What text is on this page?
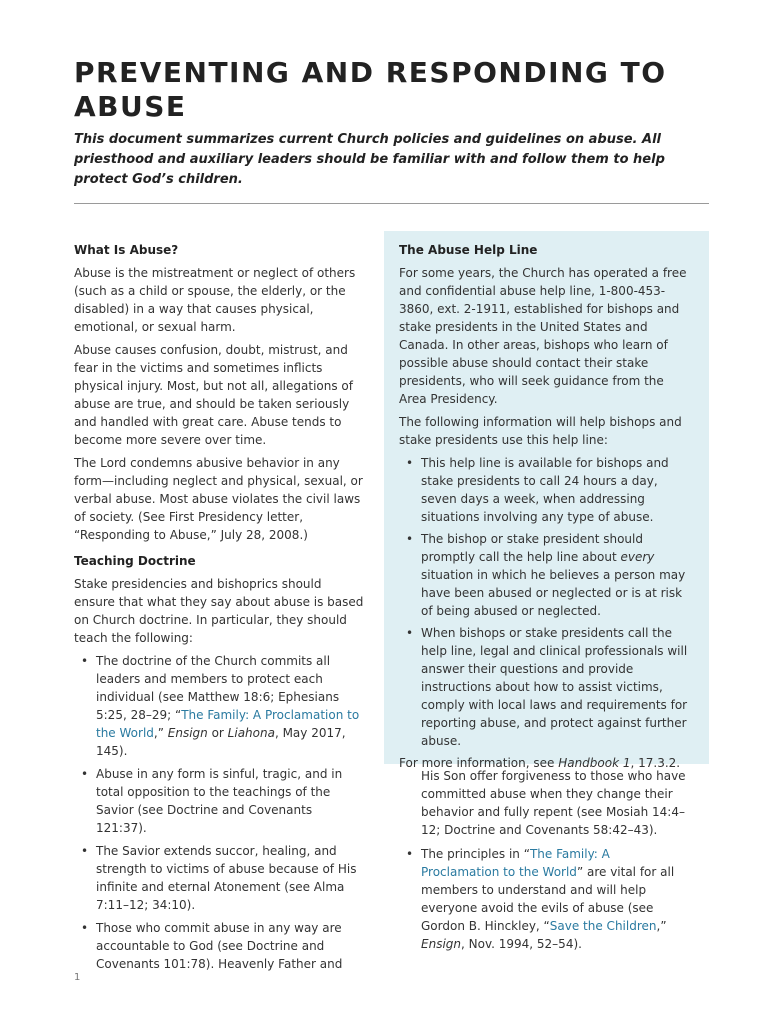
PREVENTING AND RESPONDING TO ABUSE

This document summarizes current Church policies and guidelines on abuse. All priesthood and auxiliary leaders should be familiar with and follow them to help protect God’s children.

What Is Abuse?

Abuse is the mistreatment or neglect of others (such as a child or spouse, the elderly, or the disabled) in a way that causes physical, emotional, or sexual harm.

Abuse causes confusion, doubt, mistrust, and fear in the victims and sometimes inflicts physical injury. Most, but not all, allegations of abuse are true, and should be taken seriously and handled with great care. Abuse tends to become more severe over time.

The Lord condemns abusive behavior in any form—including neglect and physical, sexual, or verbal abuse. Most abuse violates the civil laws of society. (See First Presidency letter, “Responding to Abuse,” July 28, 2008.)

Teaching Doctrine

Stake presidencies and bishoprics should ensure that what they say about abuse is based on Church doctrine. In particular, they should teach the following:

• The doctrine of the Church commits all leaders and members to protect each individual (see Matthew 18:6; Ephesians 5:25, 28–29; “The Family: A Proclamation to the World,” Ensign or Liahona, May 2017, 145).
• Abuse in any form is sinful, tragic, and in total opposition to the teachings of the Savior (see Doctrine and Covenants 121:37).
• The Savior extends succor, healing, and strength to victims of abuse because of His infinite and eternal Atonement (see Alma 7:11–12; 34:10).
• Those who commit abuse in any way are accountable to God (see Doctrine and Covenants 101:78). Heavenly Father and
The Abuse Help Line

For some years, the Church has operated a free and confidential abuse help line, 1-800-453-3860, ext. 2-1911, established for bishops and stake presidents in the United States and Canada. In other areas, bishops who learn of possible abuse should contact their stake presidents, who will seek guidance from the Area Presidency.

The following information will help bishops and stake presidents use this help line:

• This help line is available for bishops and stake presidents to call 24 hours a day, seven days a week, when addressing situations involving any type of abuse.
• The bishop or stake president should promptly call the help line about every situation in which he believes a person may have been abused or neglected or is at risk of being abused or neglected.
• When bishops or stake presidents call the help line, legal and clinical professionals will answer their questions and provide instructions about how to assist victims, comply with local laws and requirements for reporting abuse, and protect against further abuse.

For more information, see Handbook 1, 17.3.2.

His Son offer forgiveness to those who have committed abuse when they change their behavior and fully repent (see Mosiah 14:4–12; Doctrine and Covenants 58:42–43).

• The principles in “The Family: A Proclamation to the World” are vital for all members to understand and will help everyone avoid the evils of abuse (see Gordon B. Hinckley, “Save the Children,” Ensign, Nov. 1994, 52–54).
1
